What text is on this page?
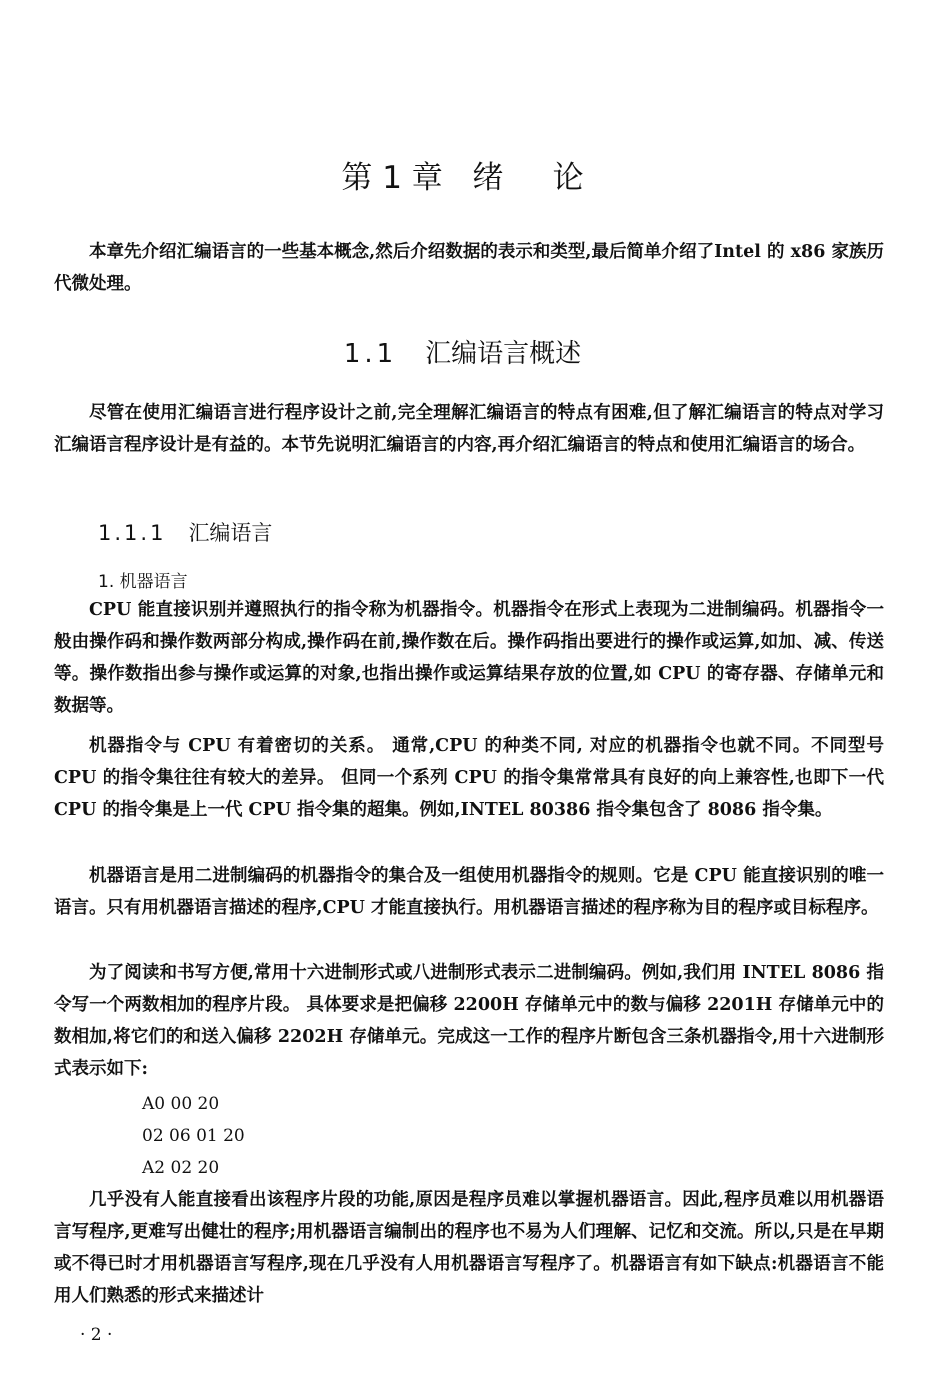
第 1 章   绪     论

本章先介绍汇编语言的一些基本概念,然后介绍数据的表示和类型,最后简单介绍了Intel 的 x86 家族历代微处理。

1.1 汇编语言概述

尽管在使用汇编语言进行程序设计之前,完全理解汇编语言的特点有困难,但了解汇编语言的特点对学习汇编语言程序设计是有益的。本节先说明汇编语言的内容,再介绍汇编语言的特点和使用汇编语言的场合。

1.1.1 汇编语言
1. 机器语言

CPU 能直接识别并遵照执行的指令称为机器指令。机器指令在形式上表现为二进制编码。机器指令一般由操作码和操作数两部分构成,操作码在前,操作数在后。操作码指出要进行的操作或运算,如加、减、传送等。操作数指出参与操作或运算的对象,也指出操作或运算结果存放的位置,如 CPU 的寄存器、存储单元和数据等。

机器指令与 CPU 有着密切的关系。 通常,CPU 的种类不同, 对应的机器指令也就不同。不同型号 CPU 的指令集往往有较大的差异。 但同一个系列 CPU 的指令集常常具有良好的向上兼容性,也即下一代 CPU 的指令集是上一代 CPU 指令集的超集。例如,INTEL 80386 指令集包含了 8086 指令集。

机器语言是用二进制编码的机器指令的集合及一组使用机器指令的规则。它是 CPU 能直接识别的唯一语言。只有用机器语言描述的程序,CPU 才能直接执行。用机器语言描述的程序称为目的程序或目标程序。

为了阅读和书写方便,常用十六进制形式或八进制形式表示二进制编码。例如,我们用 INTEL 8086 指令写一个两数相加的程序片段。 具体要求是把偏移 2200H 存储单元中的数与偏移 2201H 存储单元中的数相加,将它们的和送入偏移 2202H 存储单元。完成这一工作的程序片断包含三条机器指令,用十六进制形式表示如下:

A0 00 20
02 06 01 20
A2 02 20

几乎没有人能直接看出该程序片段的功能,原因是程序员难以掌握机器语言。因此,程序员难以用机器语言写程序,更难写出健壮的程序;用机器语言编制出的程序也不易为人们理解、记忆和交流。所以,只是在早期或不得已时才用机器语言写程序,现在几乎没有人用机器语言写程序了。机器语言有如下缺点:机器语言不能用人们熟悉的形式来描述计

· 2 ·
